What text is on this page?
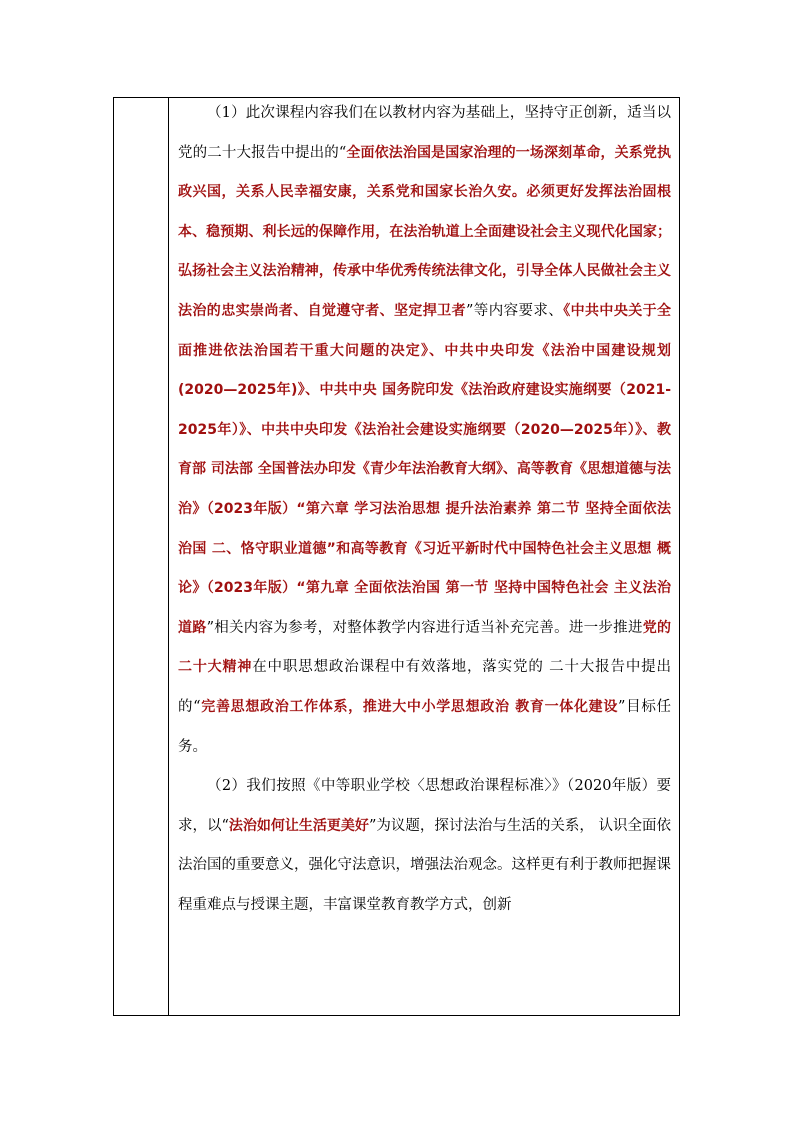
（1）此次课程内容我们在以教材内容为基础上，坚持守正创新，适当以党的二十大报告中提出的“全面依法治国是国家治理的一场深刻革命，关系党执政兴国，关系人民幸福安康，关系党和国家长治久安。必须更好发挥法治固根本、稳预期、利长远的保障作用，在法治轨道上全面建设社会主义现代化国家；弘扬社会主义法治精神，传承中华优秀传统法律文化，引导全体人民做社会主义法治的忠实崇尚者、自觉遵守者、坚定捍卫者”等内容要求、《中共中央关于全面推进依法治国若干重大问题的决定》、中共中央印发《法治中国建设规划(2020—2025年)》、中共中央 国务院印发《法治政府建设实施纲要（2021-2025年）》、中共中央印发《法治社会建设实施纲要（2020—2025年）》、教育部 司法部 全国普法办印发《青少年法治教育大纲》、高等教育《思想道德与法治》（2023年版）“第六章 学习法治思想 提升法治素养 第二节 坚持全面依法治国 二、恪守职业道德”和高等教育《习近平新时代中国特色社会主义思想 概论》（2023年版）“第九章 全面依法治国 第一节 坚持中国特色社会 主义法治道路”相关内容为参考，对整体教学内容进行适当补充完善。进一步推进党的二十大精神在中职思想政治课程中有效落地，落实党的 二十大报告中提出的“完善思想政治工作体系，推进大中小学思想政治 教育一体化建设”目标任务。

（2）我们按照《中等职业学校〈思想政治课程标准〉》（2020年版）要求，以“法治如何让生活更美好”为议题，探讨法治与生活的关系， 认识全面依法治国的重要意义，强化守法意识，增强法治观念。这样更有利于教师把握课程重难点与授课主题，丰富课堂教育教学方式，创新
